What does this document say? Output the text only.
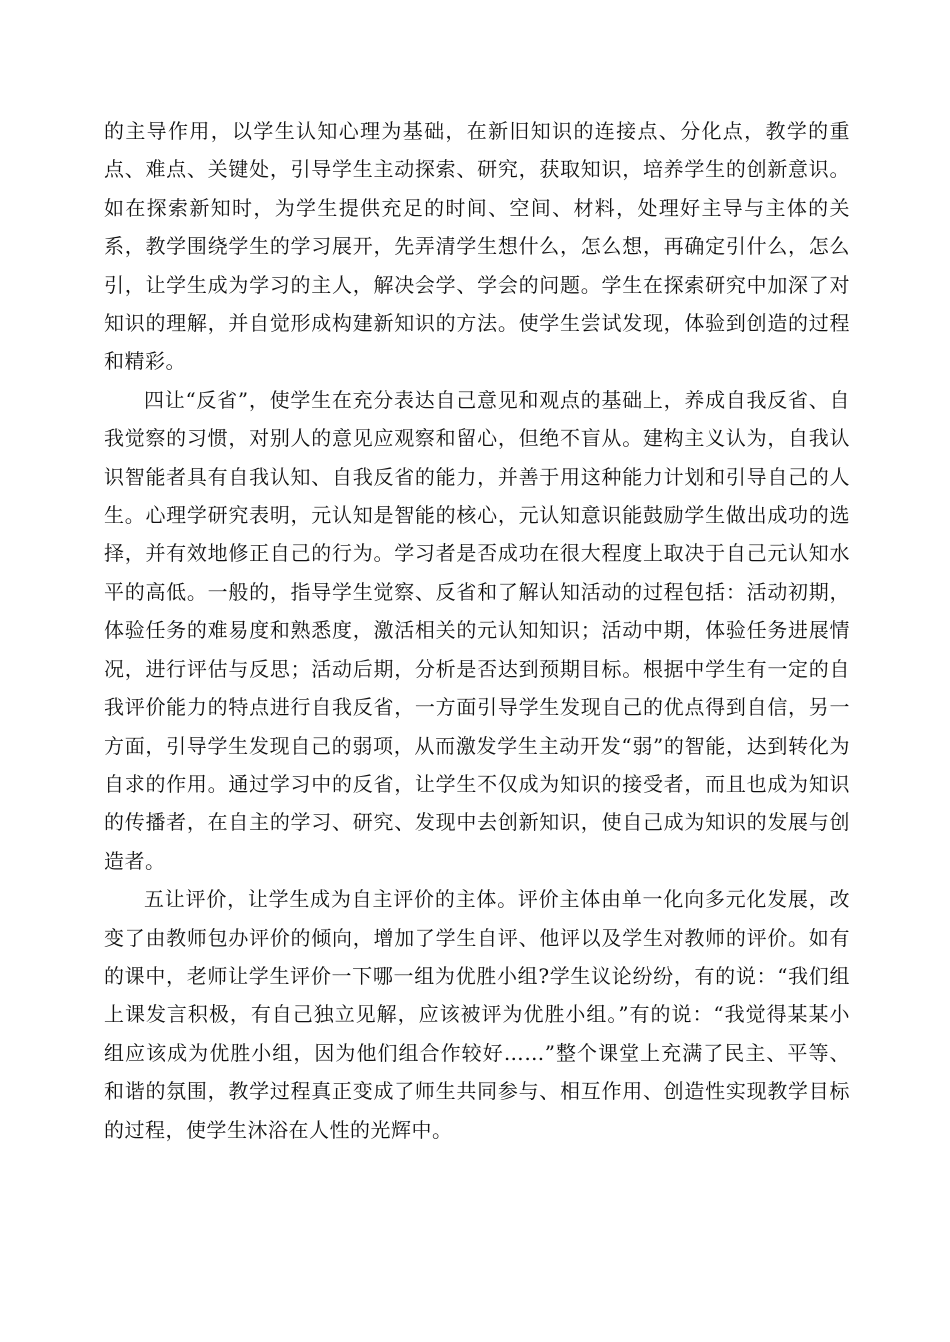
的主导作用，以学生认知心理为基础，在新旧知识的连接点、分化点，教学的重点、难点、关键处，引导学生主动探索、研究，获取知识，培养学生的创新意识。如在探索新知时，为学生提供充足的时间、空间、材料，处理好主导与主体的关系，教学围绕学生的学习展开，先弄清学生想什么，怎么想，再确定引什么，怎么引，让学生成为学习的主人，解决会学、学会的问题。学生在探索研究中加深了对知识的理解，并自觉形成构建新知识的方法。使学生尝试发现，体验到创造的过程和精彩。

四让“反省”，使学生在充分表达自己意见和观点的基础上，养成自我反省、自我觉察的习惯，对别人的意见应观察和留心，但绝不盲从。建构主义认为，自我认识智能者具有自我认知、自我反省的能力，并善于用这种能力计划和引导自己的人生。心理学研究表明，元认知是智能的核心，元认知意识能鼓励学生做出成功的选择，并有效地修正自己的行为。学习者是否成功在很大程度上取决于自己元认知水平的高低。一般的，指导学生觉察、反省和了解认知活动的过程包括：活动初期，体验任务的难易度和熟悉度，激活相关的元认知知识；活动中期，体验任务进展情况，进行评估与反思；活动后期，分析是否达到预期目标。根据中学生有一定的自我评价能力的特点进行自我反省，一方面引导学生发现自己的优点得到自信，另一方面，引导学生发现自己的弱项，从而激发学生主动开发“弱”的智能，达到转化为自求的作用。通过学习中的反省，让学生不仅成为知识的接受者，而且也成为知识的传播者，在自主的学习、研究、发现中去创新知识，使自己成为知识的发展与创造者。

五让评价，让学生成为自主评价的主体。评价主体由单一化向多元化发展，改变了由教师包办评价的倾向，增加了学生自评、他评以及学生对教师的评价。如有的课中，老师让学生评价一下哪一组为优胜小组?学生议论纷纷，有的说：“我们组上课发言积极，有自己独立见解，应该被评为优胜小组。”有的说：“我觉得某某小组应该成为优胜小组，因为他们组合作较好……”整个课堂上充满了民主、平等、和谐的氛围，教学过程真正变成了师生共同参与、相互作用、创造性实现教学目标的过程，使学生沐浴在人性的光辉中。
